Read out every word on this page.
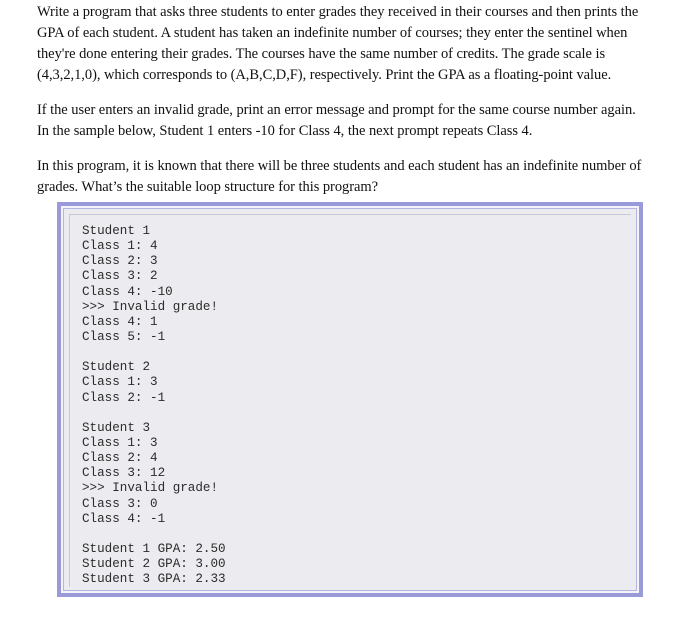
Write a program that asks three students to enter grades they received in their courses and then prints the
GPA of each student. A student has taken an indefinite number of courses; they enter the sentinel when
they're done entering their grades. The courses have the same number of credits. The grade scale is
(4,3,2,1,0), which corresponds to (A,B,C,D,F), respectively. Print the GPA as a floating-point value.

If the user enters an invalid grade, print an error message and prompt for the same course number again.
In the sample below, Student 1 enters -10 for Class 4, the next prompt repeats Class 4.

In this program, it is known that there will be three students and each student has an indefinite number of
grades. What’s the suitable loop structure for this program?

Student 1
Class 1: 4
Class 2: 3
Class 3: 2
Class 4: -10
>>> Invalid grade!
Class 4: 1
Class 5: -1
Student 2
Class 1: 3
Class 2: -1
Student 3
Class 1: 3
Class 2: 4
Class 3: 12
>>> Invalid grade!
Class 3: 0
Class 4: -1
Student 1 GPA: 2.50
Student 2 GPA: 3.00
Student 3 GPA: 2.33
